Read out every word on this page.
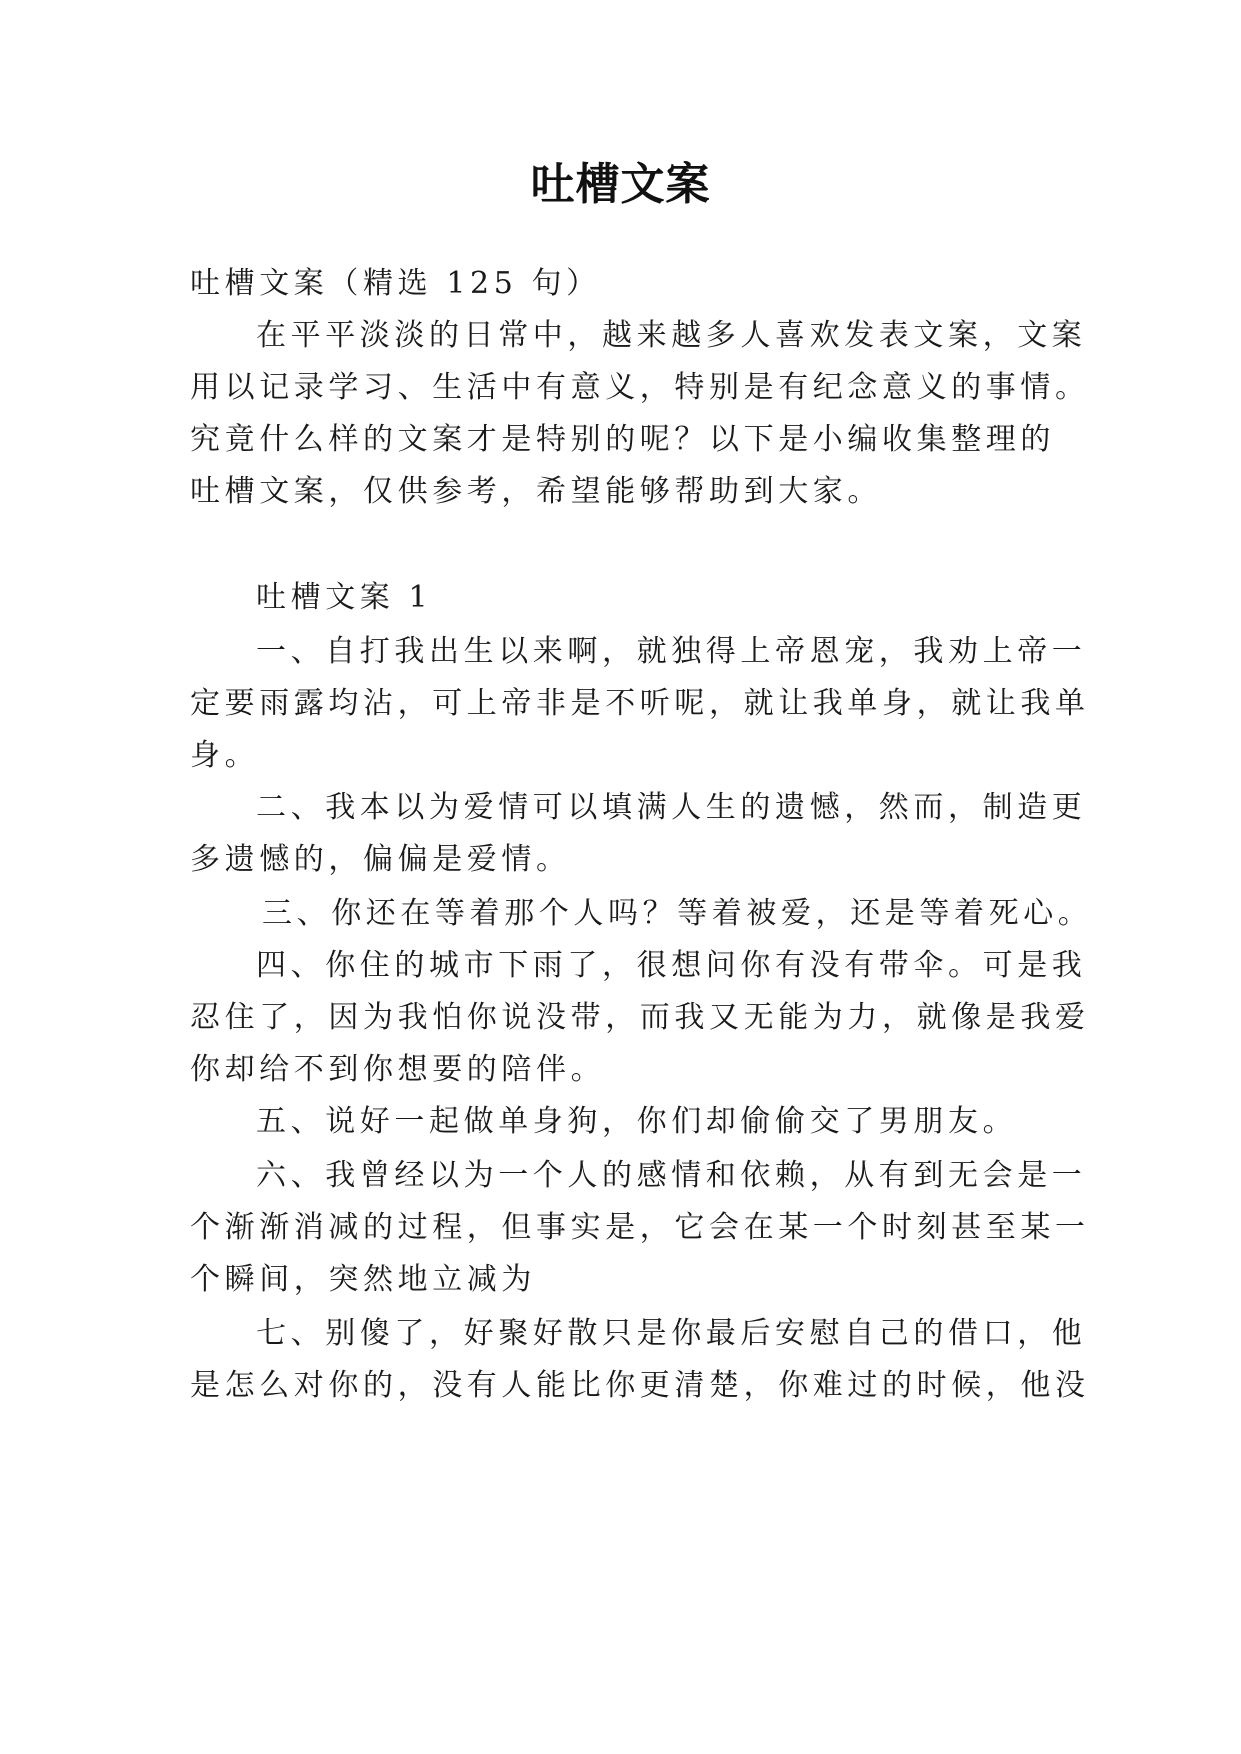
吐槽文案
吐槽文案（精选 125 句）
在平平淡淡的日常中，越来越多人喜欢发表文案，文案
用以记录学习、生活中有意义，特别是有纪念意义的事情。
究竟什么样的文案才是特别的呢？以下是小编收集整理的
吐槽文案，仅供参考，希望能够帮助到大家。
吐槽文案 1
一、自打我出生以来啊，就独得上帝恩宠，我劝上帝一
定要雨露均沾，可上帝非是不听呢，就让我单身，就让我单
身。
二、我本以为爱情可以填满人生的遗憾，然而，制造更
多遗憾的，偏偏是爱情。
三、你还在等着那个人吗？等着被爱，还是等着死心。
四、你住的城市下雨了，很想问你有没有带伞。可是我
忍住了，因为我怕你说没带，而我又无能为力，就像是我爱
你却给不到你想要的陪伴。
五、说好一起做单身狗，你们却偷偷交了男朋友。
六、我曾经以为一个人的感情和依赖，从有到无会是一
个渐渐消减的过程，但事实是，它会在某一个时刻甚至某一
个瞬间，突然地立减为
七、别傻了，好聚好散只是你最后安慰自己的借口，他
是怎么对你的，没有人能比你更清楚，你难过的时候，他没
